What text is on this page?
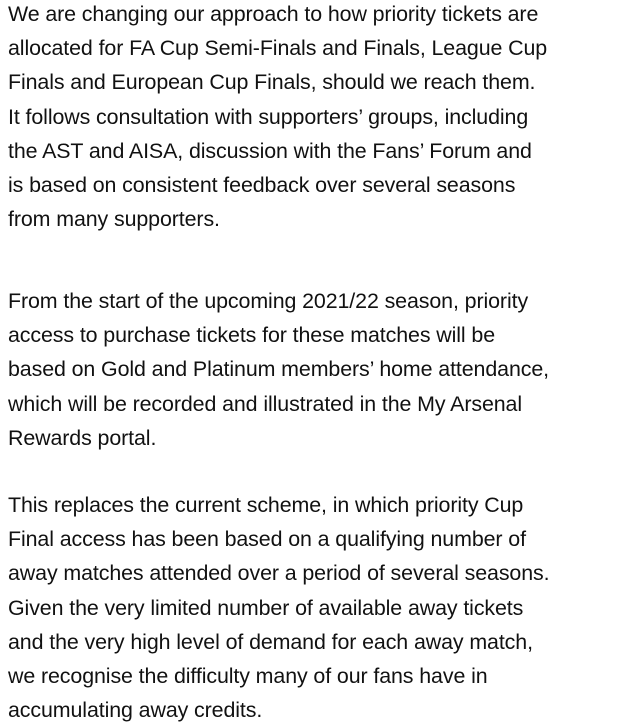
We are changing our approach to how priority tickets are
allocated for FA Cup Semi-Finals and Finals, League Cup
Finals and European Cup Finals, should we reach them.
It follows consultation with supporters’ groups, including
the AST and AISA, discussion with the Fans’ Forum and
is based on consistent feedback over several seasons
from many supporters.

From the start of the upcoming 2021/22 season, priority
access to purchase tickets for these matches will be
based on Gold and Platinum members’ home attendance,
which will be recorded and illustrated in the My Arsenal
Rewards portal.

This replaces the current scheme, in which priority Cup
Final access has been based on a qualifying number of
away matches attended over a period of several seasons.
Given the very limited number of available away tickets
and the very high level of demand for each away match,
we recognise the difficulty many of our fans have in
accumulating away credits.
